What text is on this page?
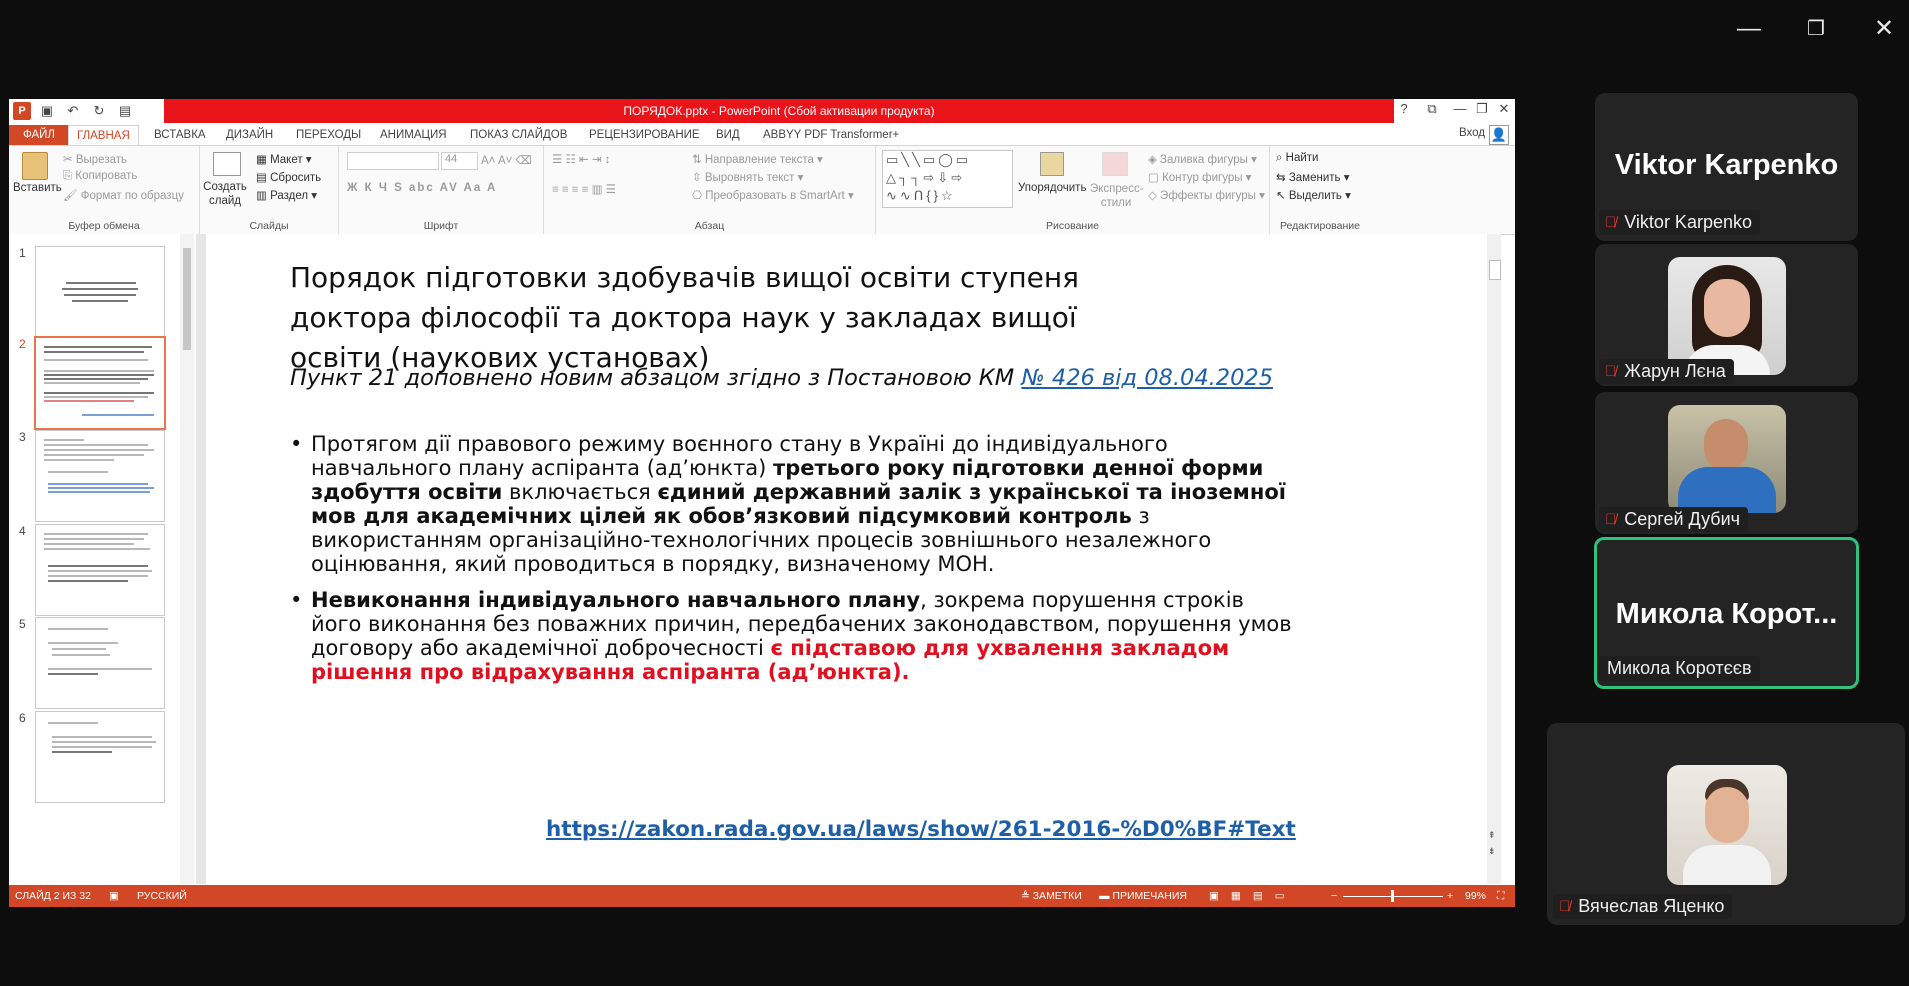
—	❐	✕
P	▣	↶	↻	▤	ПОРЯДОК.pptx - PowerPoint (Сбой активации продукта)	?	⧉	— ❐ ✕
ФАЙЛ	ГЛАВНАЯ	ВСТАВКА	ДИЗАЙН	ПЕРЕХОДЫ	АНИМАЦИЯ	ПОКАЗ СЛАЙДОВ	РЕЦЕНЗИРОВАНИЕ	ВИД	ABBYY PDF Transformer+	Вход 👤
Вставить
✂ Вырезать
⎘ Копировать
🖌 Формат по образцу
Буфер обмена
Создать слайд
▦ Макет ▾
▤ Сбросить
▥ Раздел ▾
Слайды
44	A˄ A˅ ⌫
Ж К Ч S abc AV Aa A
Шрифт
☰ ☷ ⇤ ⇥ ↕
≡ ≡ ≡ ≡ ▥ ☰
⇅ Направление текста ▾
⇳ Выровнять текст ▾
⎔ Преобразовать в SmartArt ▾
Абзац
▭╲╲▭◯▭
△┐┐⇨⇩⇨
∿∿ᑎ{}☆	Упорядочить Экспресс-стили
◈ Заливка фигуры ▾
▢ Контур фигуры ▾
◇ Эффекты фигуры ▾
Рисование
⌕ Найти
⇆ Заменить ▾
↖ Выделить ▾
Редактирование
1
2
3
4
5
6
Порядок підготовки здобувачів вищої освіти ступеня доктора філософії та доктора наук у закладах вищої освіти (наукових установах)
Пункт 21 доповнено новим абзацом згідно з Постановою КМ № 426 від 08.04.2025
• Протягом дії правового режиму воєнного стану в Україні до індивідуального навчального плану аспіранта (ад’юнкта) третього року підготовки денної форми здобуття освіти включається єдиний державний залік з української та іноземної мов для академічних цілей як обов’язковий підсумковий контроль з використанням організаційно-технологічних процесів зовнішнього незалежного оцінювання, який проводиться в порядку, визначеному МОН.
• Невиконання індивідуального навчального плану, зокрема порушення строків його виконання без поважних причин, передбачених законодавством, порушення умов договору або академічної доброчесності є підставою для ухвалення закладом рішення про відрахування аспіранта (ад’юнкта).
https://zakon.rada.gov.ua/laws/show/261-2016-%D0%BF#Text	⇞
⇟
СЛАЙД 2 ИЗ 32 ▣ РУССКИЙ	≜ ЗАМЕТКИ ▬ ПРИМЕЧАНИЯ ▣▦▤▭	−	+ 99% ⛶
Viktor Karpenko
🎙̸ Viktor Karpenko
🎙̸ Жарун Лєна
🎙̸ Сергей Дубич
Микола Корот...
Микола Коротєєв
🎙̸ Вячеслав Яценко
